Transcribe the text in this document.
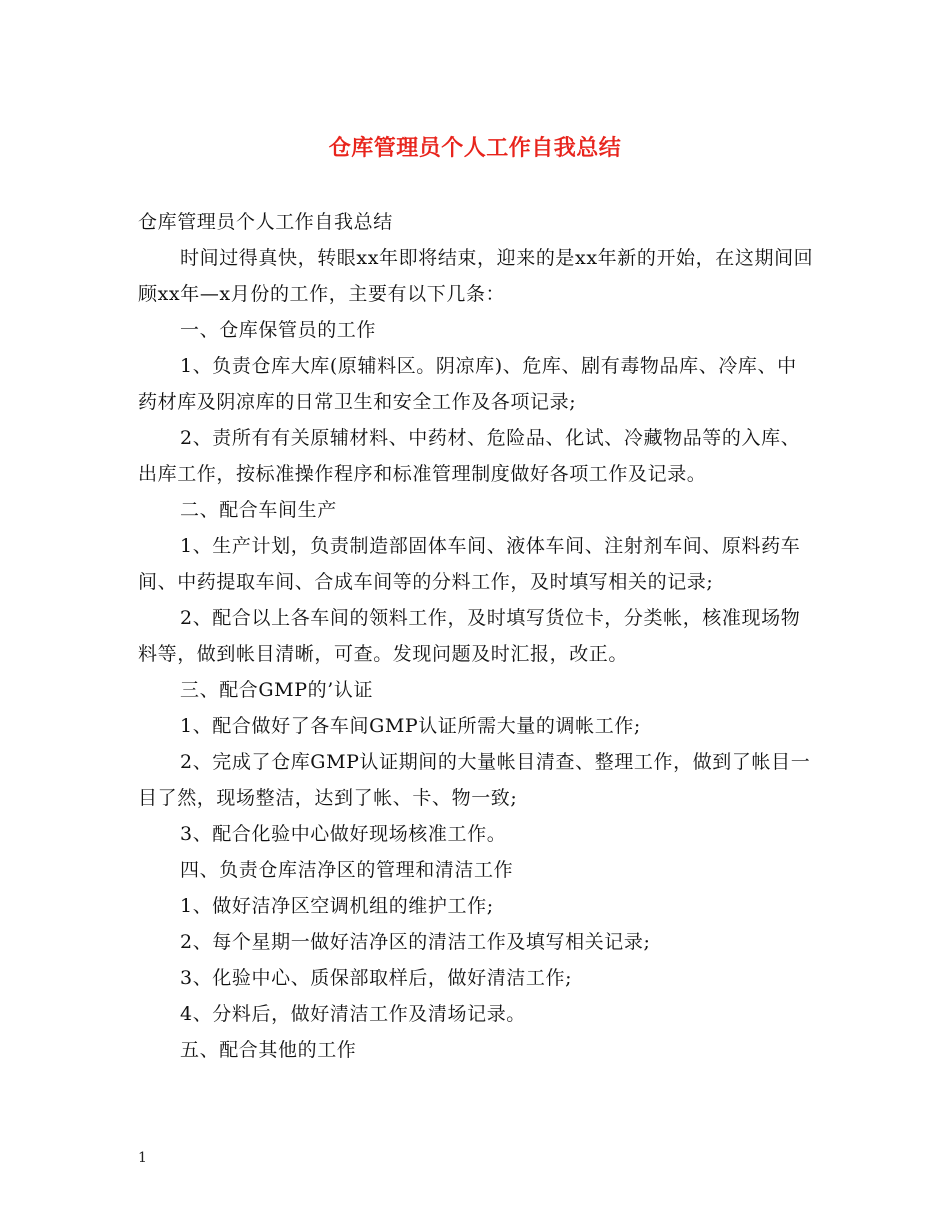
仓库管理员个人工作自我总结

仓库管理员个人工作自我总结

时间过得真快，转眼xx年即将结束，迎来的是xx年新的开始，在这期间回顾xx年—x月份的工作，主要有以下几条：

一、仓库保管员的工作

1、负责仓库大库(原辅料区。阴凉库)、危库、剧有毒物品库、冷库、中药材库及阴凉库的日常卫生和安全工作及各项记录;

2、责所有有关原辅材料、中药材、危险品、化试、冷藏物品等的入库、出库工作，按标准操作程序和标准管理制度做好各项工作及记录。

二、配合车间生产

1、生产计划，负责制造部固体车间、液体车间、注射剂车间、原料药车间、中药提取车间、合成车间等的分料工作，及时填写相关的记录;

2、配合以上各车间的领料工作，及时填写货位卡，分类帐，核准现场物料等，做到帐目清晰，可查。发现问题及时汇报，改正。

三、配合GMP的’认证

1、配合做好了各车间GMP认证所需大量的调帐工作;

2、完成了仓库GMP认证期间的大量帐目清查、整理工作，做到了帐目一目了然，现场整洁，达到了帐、卡、物一致;

3、配合化验中心做好现场核准工作。

四、负责仓库洁净区的管理和清洁工作

1、做好洁净区空调机组的维护工作;

2、每个星期一做好洁净区的清洁工作及填写相关记录;

3、化验中心、质保部取样后，做好清洁工作;

4、分料后，做好清洁工作及清场记录。

五、配合其他的工作

1
